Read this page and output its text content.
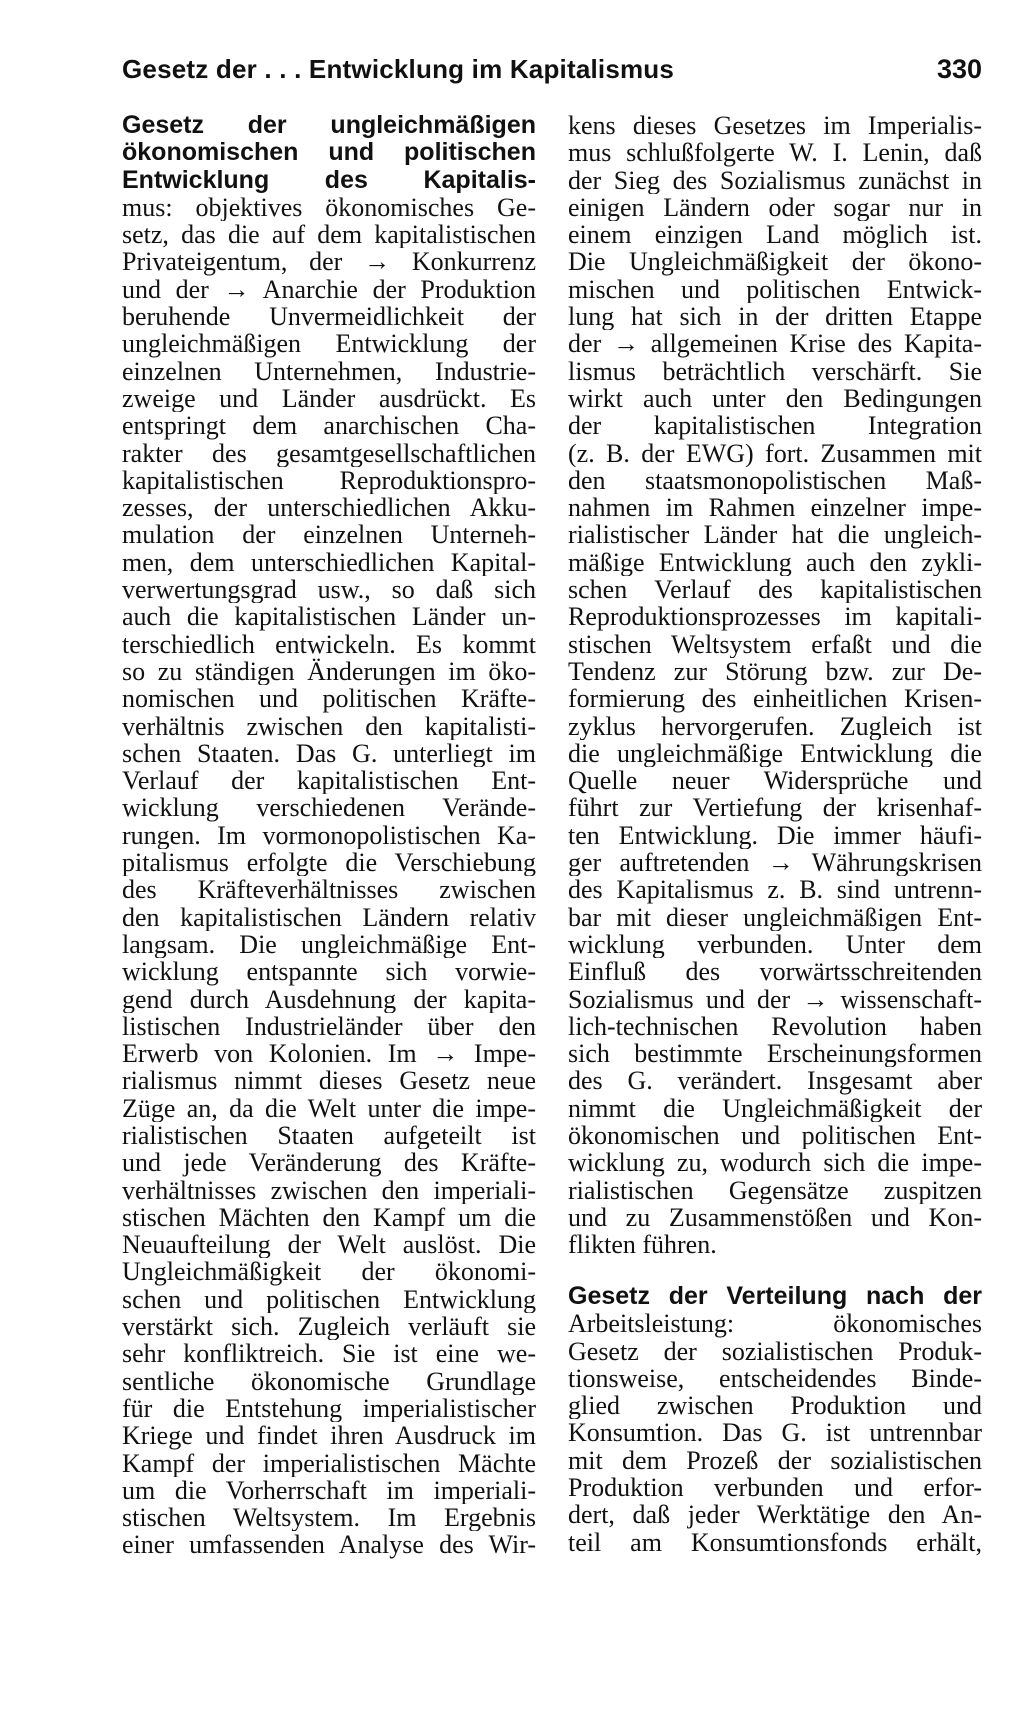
Gesetz der . . . Entwicklung im Kapitalismus	330
Gesetz der ungleichmäßigen
ökonomischen und politischen
Entwicklung des Kapitalis-
mus: objektives ökonomisches Ge-
setz, das die auf dem kapitalistischen
Privateigentum, der → Konkurrenz
und der → Anarchie der Produktion
beruhende Unvermeidlichkeit der
ungleichmäßigen Entwicklung der
einzelnen Unternehmen, Industrie-
zweige und Länder ausdrückt. Es
entspringt dem anarchischen Cha-
rakter des gesamtgesellschaftlichen
kapitalistischen Reproduktionspro-
zesses, der unterschiedlichen Akku-
mulation der einzelnen Unterneh-
men, dem unterschiedlichen Kapital-
verwertungsgrad usw., so daß sich
auch die kapitalistischen Länder un-
terschiedlich entwickeln. Es kommt
so zu ständigen Änderungen im öko-
nomischen und politischen Kräfte-
verhältnis zwischen den kapitalisti-
schen Staaten. Das G. unterliegt im
Verlauf der kapitalistischen Ent-
wicklung verschiedenen Verände-
rungen. Im vormonopolistischen Ka-
pitalismus erfolgte die Verschiebung
des Kräfteverhältnisses zwischen
den kapitalistischen Ländern relativ
langsam. Die ungleichmäßige Ent-
wicklung entspannte sich vorwie-
gend durch Ausdehnung der kapita-
listischen Industrieländer über den
Erwerb von Kolonien. Im → Impe-
rialismus nimmt dieses Gesetz neue
Züge an, da die Welt unter die impe-
rialistischen Staaten aufgeteilt ist
und jede Veränderung des Kräfte-
verhältnisses zwischen den imperiali-
stischen Mächten den Kampf um die
Neuaufteilung der Welt auslöst. Die
Ungleichmäßigkeit der ökonomi-
schen und politischen Entwicklung
verstärkt sich. Zugleich verläuft sie
sehr konfliktreich. Sie ist eine we-
sentliche ökonomische Grundlage
für die Entstehung imperialistischer
Kriege und findet ihren Ausdruck im
Kampf der imperialistischen Mächte
um die Vorherrschaft im imperiali-
stischen Weltsystem. Im Ergebnis
einer umfassenden Analyse des Wir-
kens dieses Gesetzes im Imperialis-
mus schlußfolgerte W. I. Lenin, daß
der Sieg des Sozialismus zunächst in
einigen Ländern oder sogar nur in
einem einzigen Land möglich ist.
Die Ungleichmäßigkeit der ökono-
mischen und politischen Entwick-
lung hat sich in der dritten Etappe
der → allgemeinen Krise des Kapita-
lismus beträchtlich verschärft. Sie
wirkt auch unter den Bedingungen
der kapitalistischen Integration
(z. B. der EWG) fort. Zusammen mit
den staatsmonopolistischen Maß-
nahmen im Rahmen einzelner impe-
rialistischer Länder hat die ungleich-
mäßige Entwicklung auch den zykli-
schen Verlauf des kapitalistischen
Reproduktionsprozesses im kapitali-
stischen Weltsystem erfaßt und die
Tendenz zur Störung bzw. zur De-
formierung des einheitlichen Krisen-
zyklus hervorgerufen. Zugleich ist
die ungleichmäßige Entwicklung die
Quelle neuer Widersprüche und
führt zur Vertiefung der krisenhaf-
ten Entwicklung. Die immer häufi-
ger auftretenden → Währungskrisen
des Kapitalismus z. B. sind untrenn-
bar mit dieser ungleichmäßigen Ent-
wicklung verbunden. Unter dem
Einfluß des vorwärtsschreitenden
Sozialismus und der → wissenschaft-
lich-technischen Revolution haben
sich bestimmte Erscheinungsformen
des G. verändert. Insgesamt aber
nimmt die Ungleichmäßigkeit der
ökonomischen und politischen Ent-
wicklung zu, wodurch sich die impe-
rialistischen Gegensätze zuspitzen
und zu Zusammenstößen und Kon-
flikten führen.
Gesetz der Verteilung nach der
Arbeitsleistung: ökonomisches
Gesetz der sozialistischen Produk-
tionsweise, entscheidendes Binde-
glied zwischen Produktion und
Konsumtion. Das G. ist untrennbar
mit dem Prozeß der sozialistischen
Produktion verbunden und erfor-
dert, daß jeder Werktätige den An-
teil am Konsumtionsfonds erhält,
